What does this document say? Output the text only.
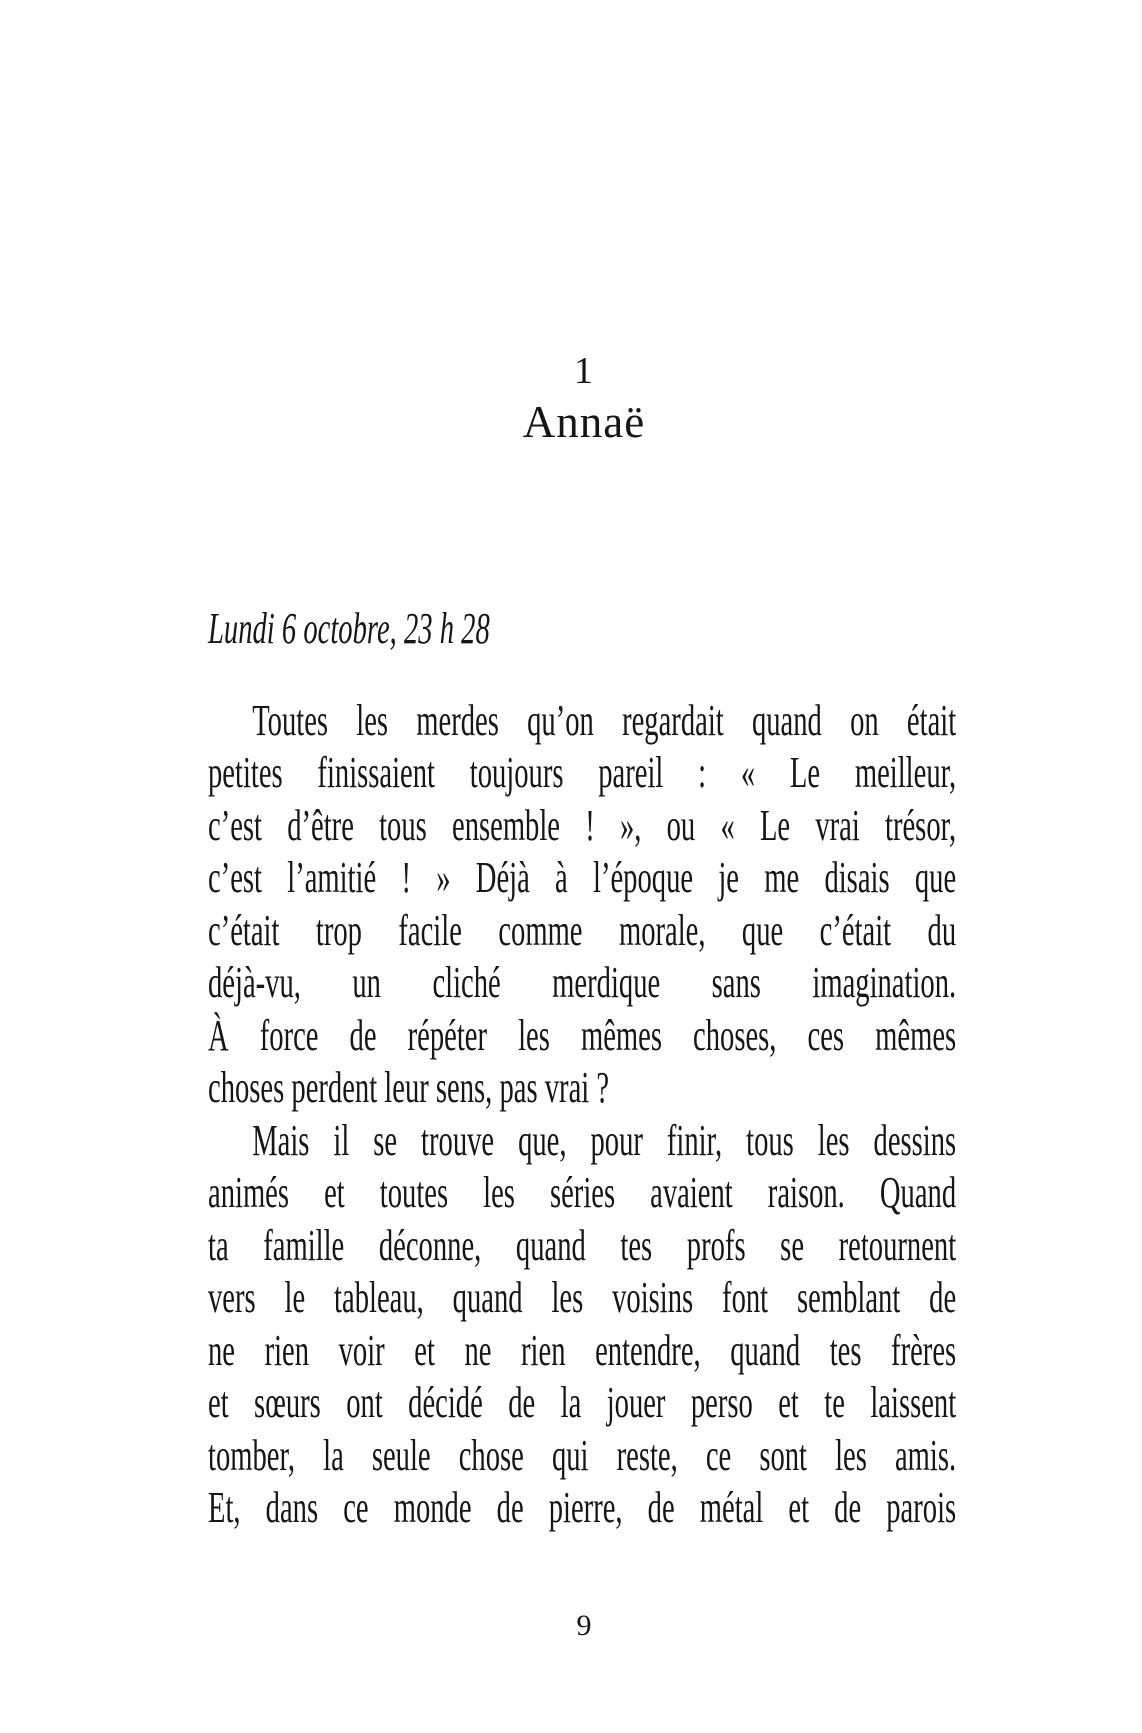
1
Annaë
Lundi 6 octobre, 23 h 28
Toutes les merdes qu’on regardait quand on était
petites finissaient toujours pareil : « Le meilleur,
c’est d’être tous ensemble ! », ou « Le vrai trésor,
c’est l’amitié ! » Déjà à l’époque je me disais que
c’était trop facile comme morale, que c’était du
déjà-vu, un cliché merdique sans imagination.
À force de répéter les mêmes choses, ces mêmes
choses perdent leur sens, pas vrai ?
Mais il se trouve que, pour finir, tous les dessins
animés et toutes les séries avaient raison. Quand
ta famille déconne, quand tes profs se retournent
vers le tableau, quand les voisins font semblant de
ne rien voir et ne rien entendre, quand tes frères
et sœurs ont décidé de la jouer perso et te laissent
tomber, la seule chose qui reste, ce sont les amis.
Et, dans ce monde de pierre, de métal et de parois
9
